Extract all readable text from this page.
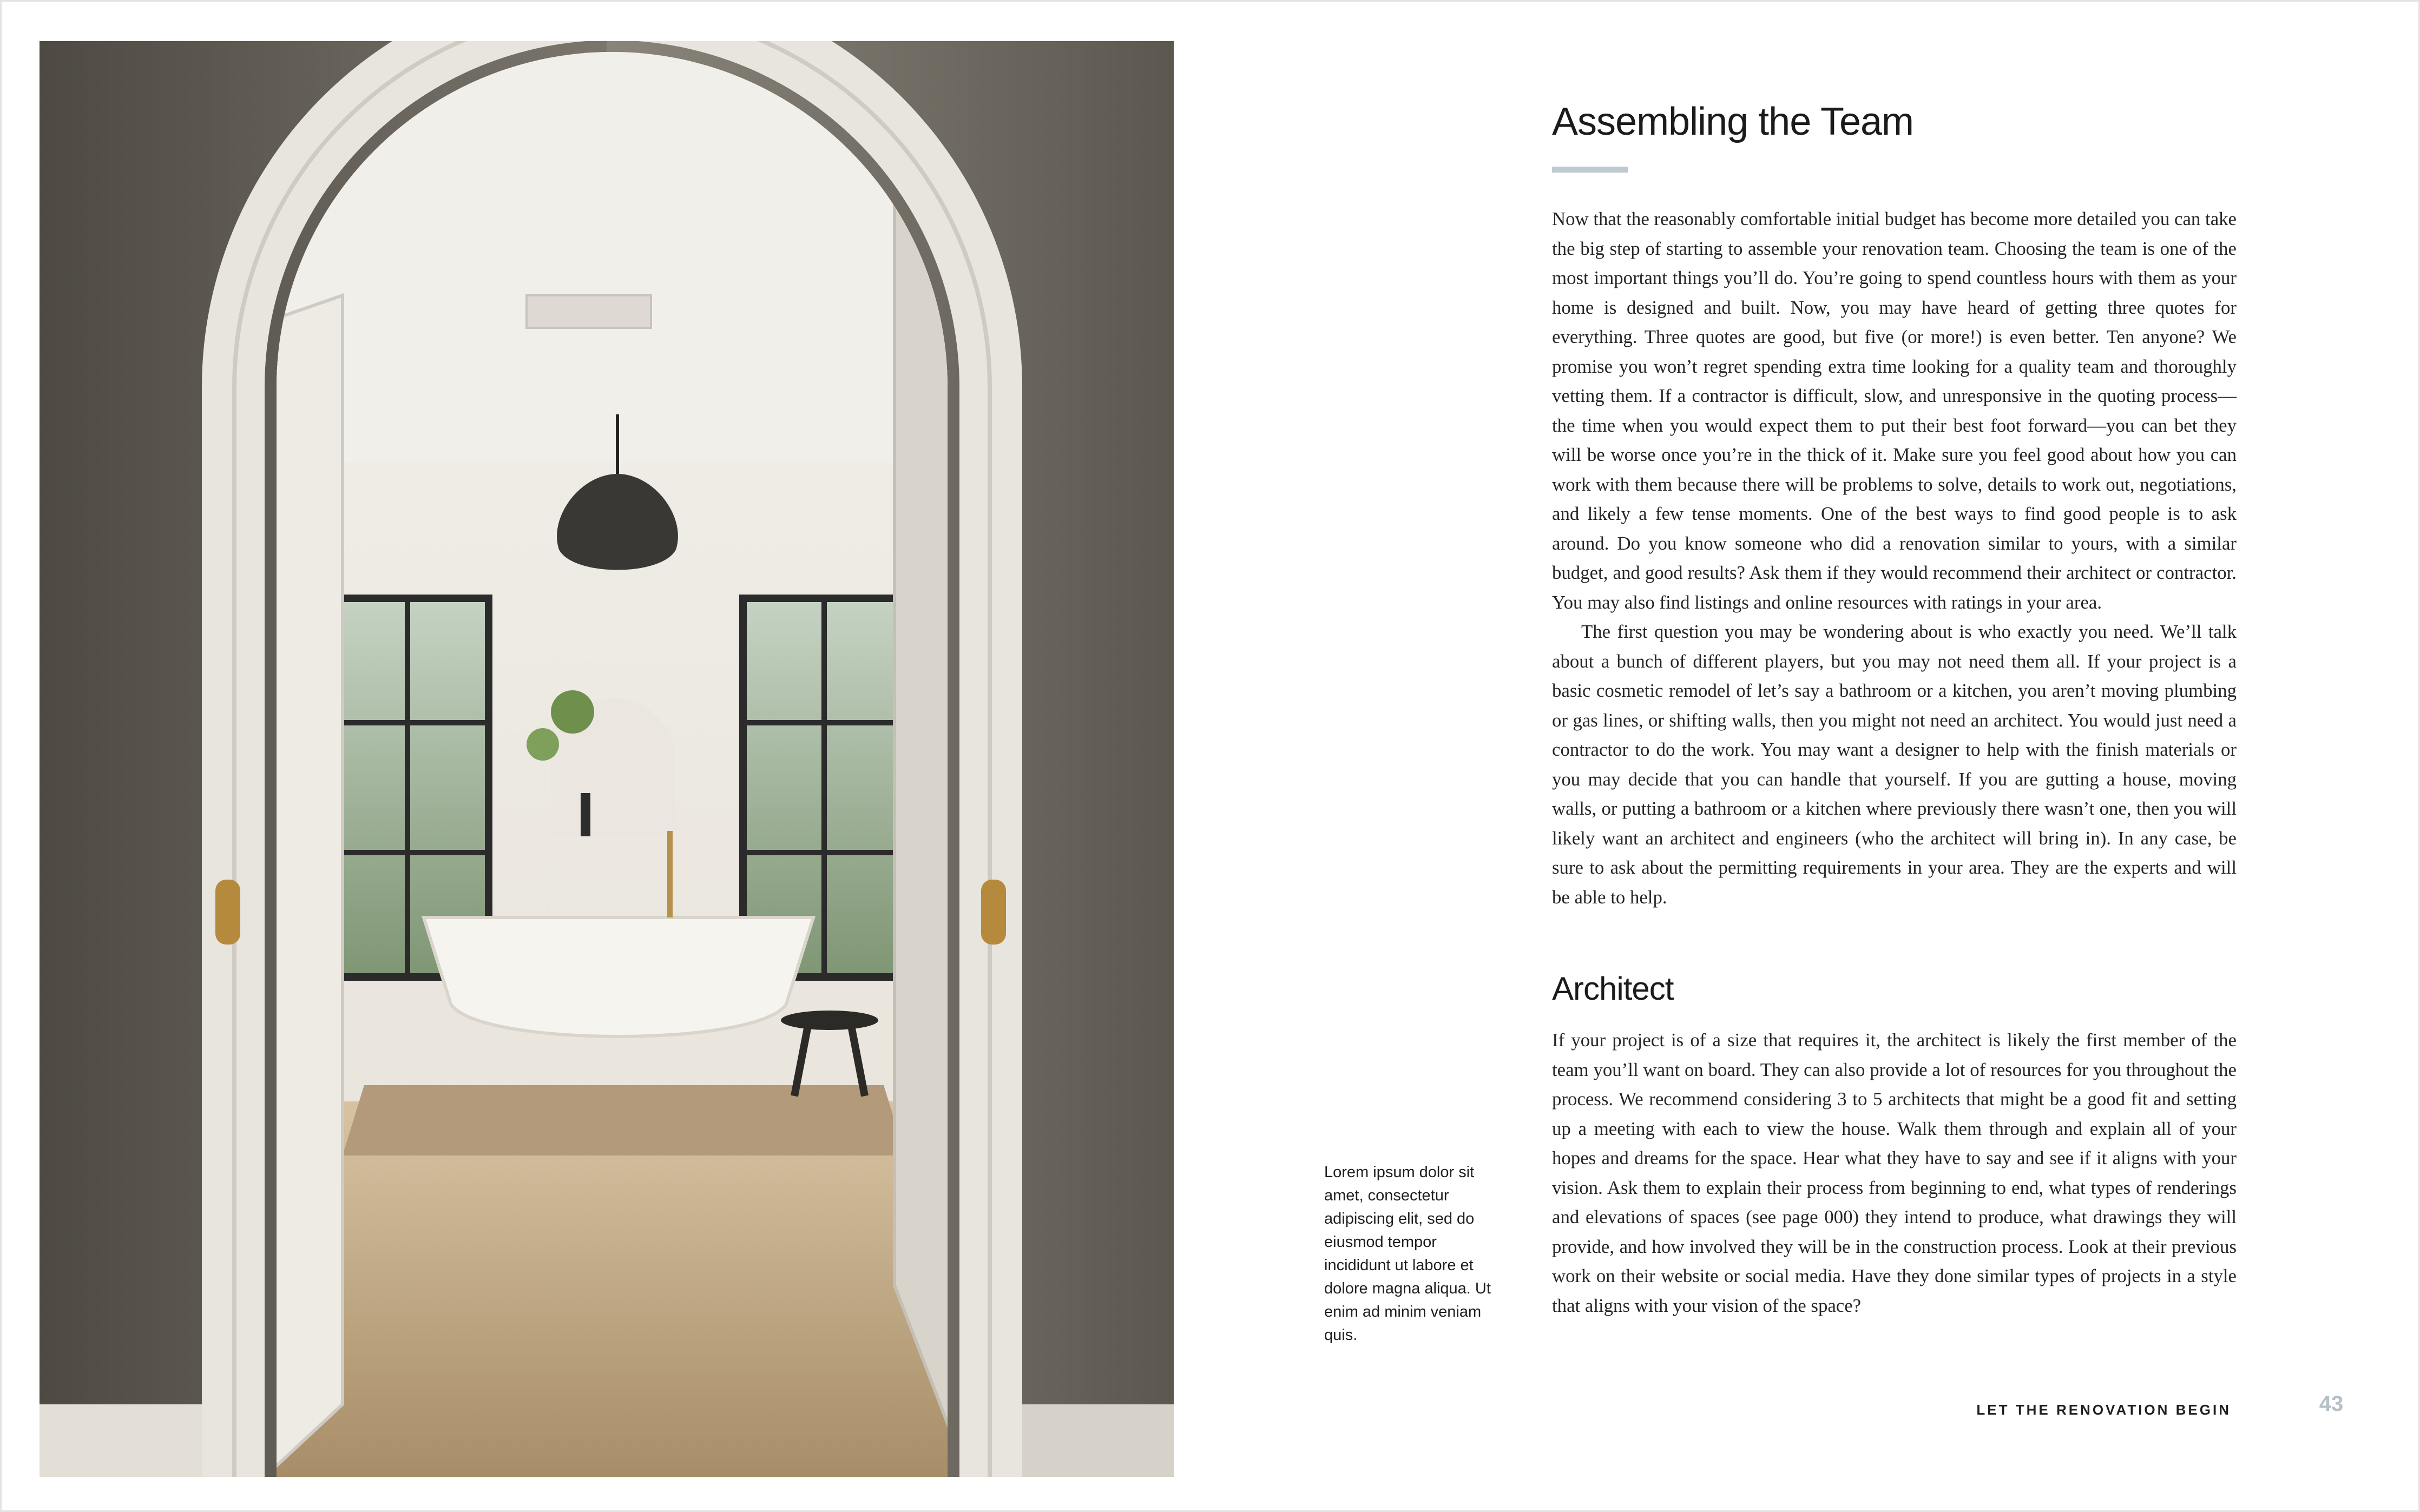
Assembling the Team

Now that the reasonably comfortable initial budget has become more detailed you can take the big step of starting to assemble your renovation team. Choosing the team is one of the most important things you’ll do. You’re going to spend countless hours with them as your home is designed and built. Now, you may have heard of getting three quotes for everything. Three quotes are good, but five (or more!) is even better. Ten anyone? We promise you won’t regret spending extra time looking for a quality team and thoroughly vetting them. If a contractor is difficult, slow, and unresponsive in the quoting process—the time when you would expect them to put their best foot forward—you can bet they will be worse once you’re in the thick of it. Make sure you feel good about how you can work with them because there will be problems to solve, details to work out, negotiations, and likely a few tense moments. One of the best ways to find good people is to ask around. Do you know someone who did a renovation similar to yours, with a similar budget, and good results? Ask them if they would recommend their architect or contractor. You may also find listings and online resources with ratings in your area.

The first question you may be wondering about is who exactly you need. We’ll talk about a bunch of different players, but you may not need them all. If your project is a basic cosmetic remodel of let’s say a bathroom or a kitchen, you aren’t moving plumbing or gas lines, or shifting walls, then you might not need an architect. You would just need a contractor to do the work. You may want a designer to help with the finish materials or you may decide that you can handle that yourself. If you are gutting a house, moving walls, or putting a bathroom or a kitchen where previously there wasn’t one, then you will likely want an architect and engineers (who the architect will bring in). In any case, be sure to ask about the permitting requirements in your area. They are the experts and will be able to help.

Architect

If your project is of a size that requires it, the architect is likely the first member of the team you’ll want on board. They can also provide a lot of resources for you throughout the process. We recommend considering 3 to 5 architects that might be a good fit and setting up a meeting with each to view the house. Walk them through and explain all of your hopes and dreams for the space. Hear what they have to say and see if it aligns with your vision. Ask them to explain their process from beginning to end, what types of renderings and elevations of spaces (see page 000) they intend to produce, what drawings they will provide, and how involved they will be in the construction process. Look at their previous work on their website or social media. Have they done similar types of projects in a style that aligns with your vision of the space?

Lorem ipsum dolor sit amet, consectetur adipiscing elit, sed do eiusmod tempor incididunt ut labore et dolore magna aliqua. Ut enim ad minim veniam quis.

LET THE RENOVATION BEGIN	43
